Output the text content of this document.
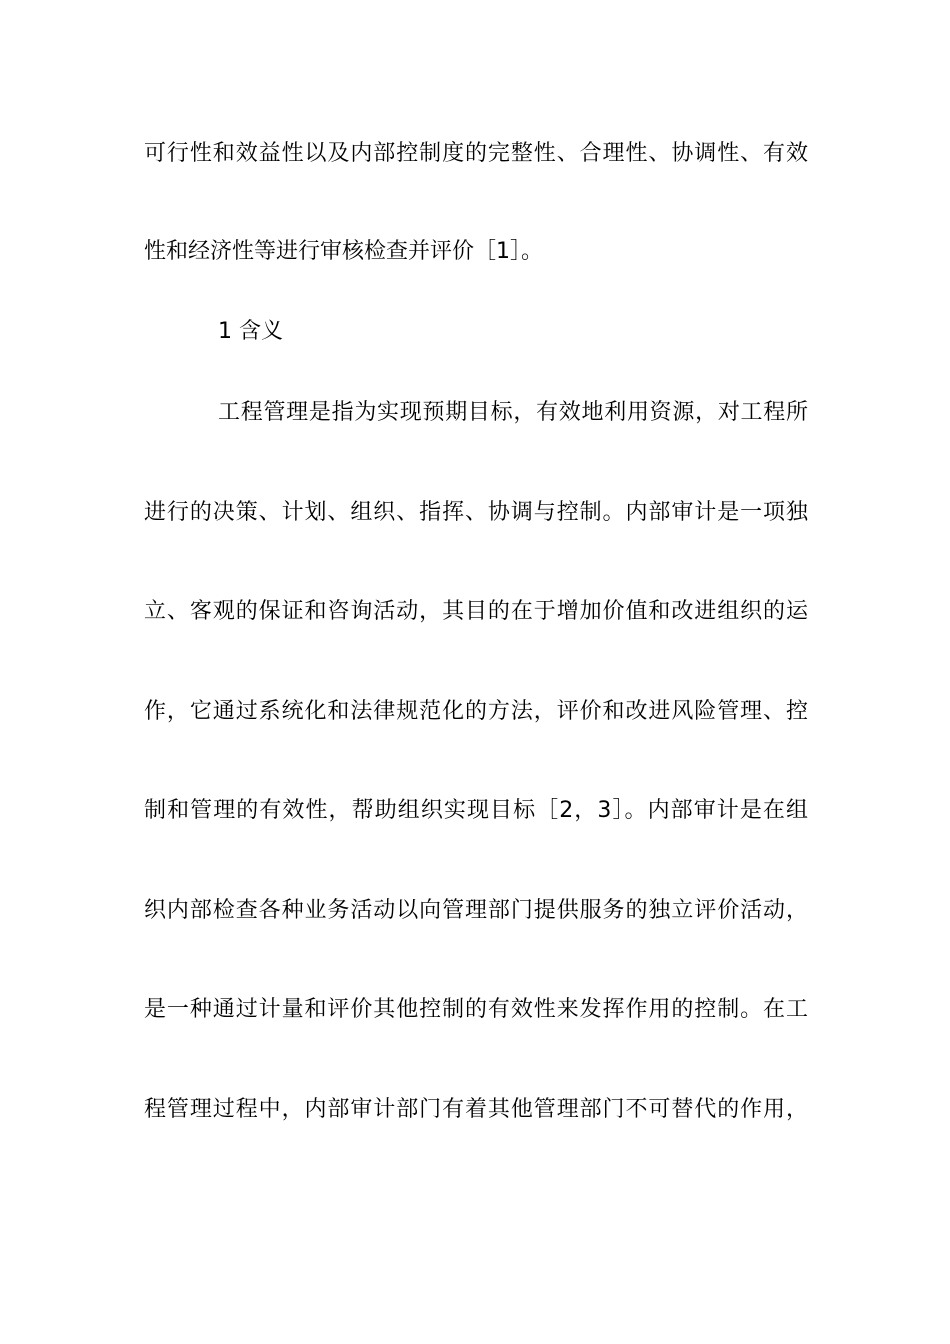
可行性和效益性以及内部控制度的完整性、合理性、协调性、有效
性和经济性等进行审核检查并评价［1］。
1 含义
工程管理是指为实现预期目标，有效地利用资源，对工程所
进行的决策、计划、组织、指挥、协调与控制。内部审计是一项独
立、客观的保证和咨询活动，其目的在于增加价值和改进组织的运
作，它通过系统化和法律规范化的方法，评价和改进风险管理、控
制和管理的有效性，帮助组织实现目标［2，3］。内部审计是在组
织内部检查各种业务活动以向管理部门提供服务的独立评价活动，
是一种通过计量和评价其他控制的有效性来发挥作用的控制。在工
程管理过程中，内部审计部门有着其他管理部门不可替代的作用，
